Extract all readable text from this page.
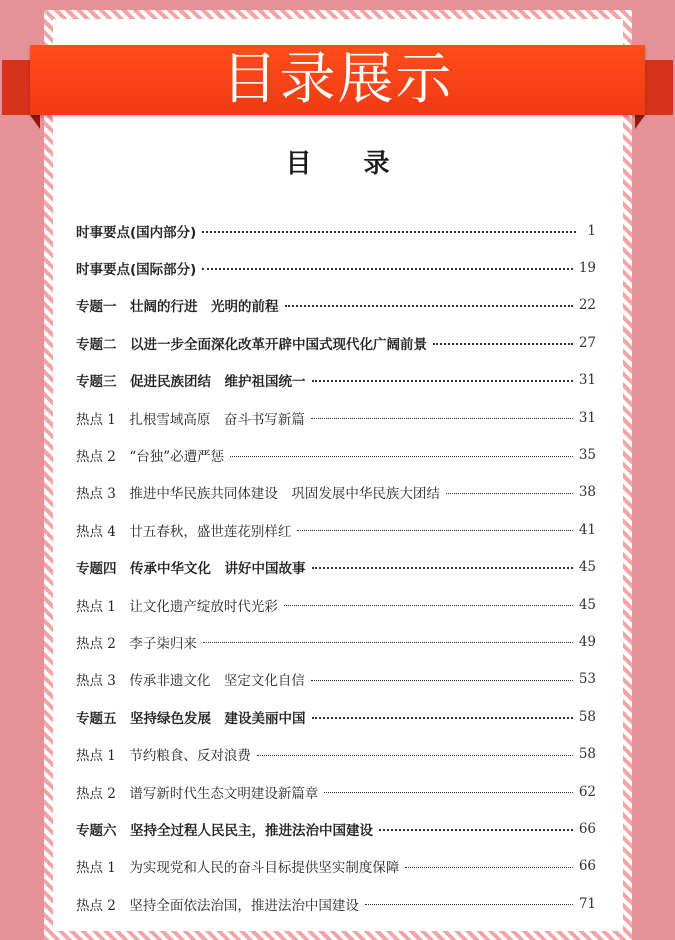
目录展示
目录
时事要点(国内部分)	1
时事要点(国际部分)	19
专题一　壮阔的行进　光明的前程	22
专题二　以进一步全面深化改革开辟中国式现代化广阔前景	27
专题三　促进民族团结　维护祖国统一	31
热点 1　扎根雪域高原　奋斗书写新篇	31
热点 2　“台独”必遭严惩	35
热点 3　推进中华民族共同体建设　巩固发展中华民族大团结	38
热点 4　廿五春秋，盛世莲花别样红	41
专题四　传承中华文化　讲好中国故事	45
热点 1　让文化遗产绽放时代光彩	45
热点 2　李子柒归来	49
热点 3　传承非遗文化　坚定文化自信	53
专题五　坚持绿色发展　建设美丽中国	58
热点 1　节约粮食、反对浪费	58
热点 2　谱写新时代生态文明建设新篇章	62
专题六　坚持全过程人民民主，推进法治中国建设	66
热点 1　为实现党和人民的奋斗目标提供坚实制度保障	66
热点 2　坚持全面依法治国，推进法治中国建设	71
